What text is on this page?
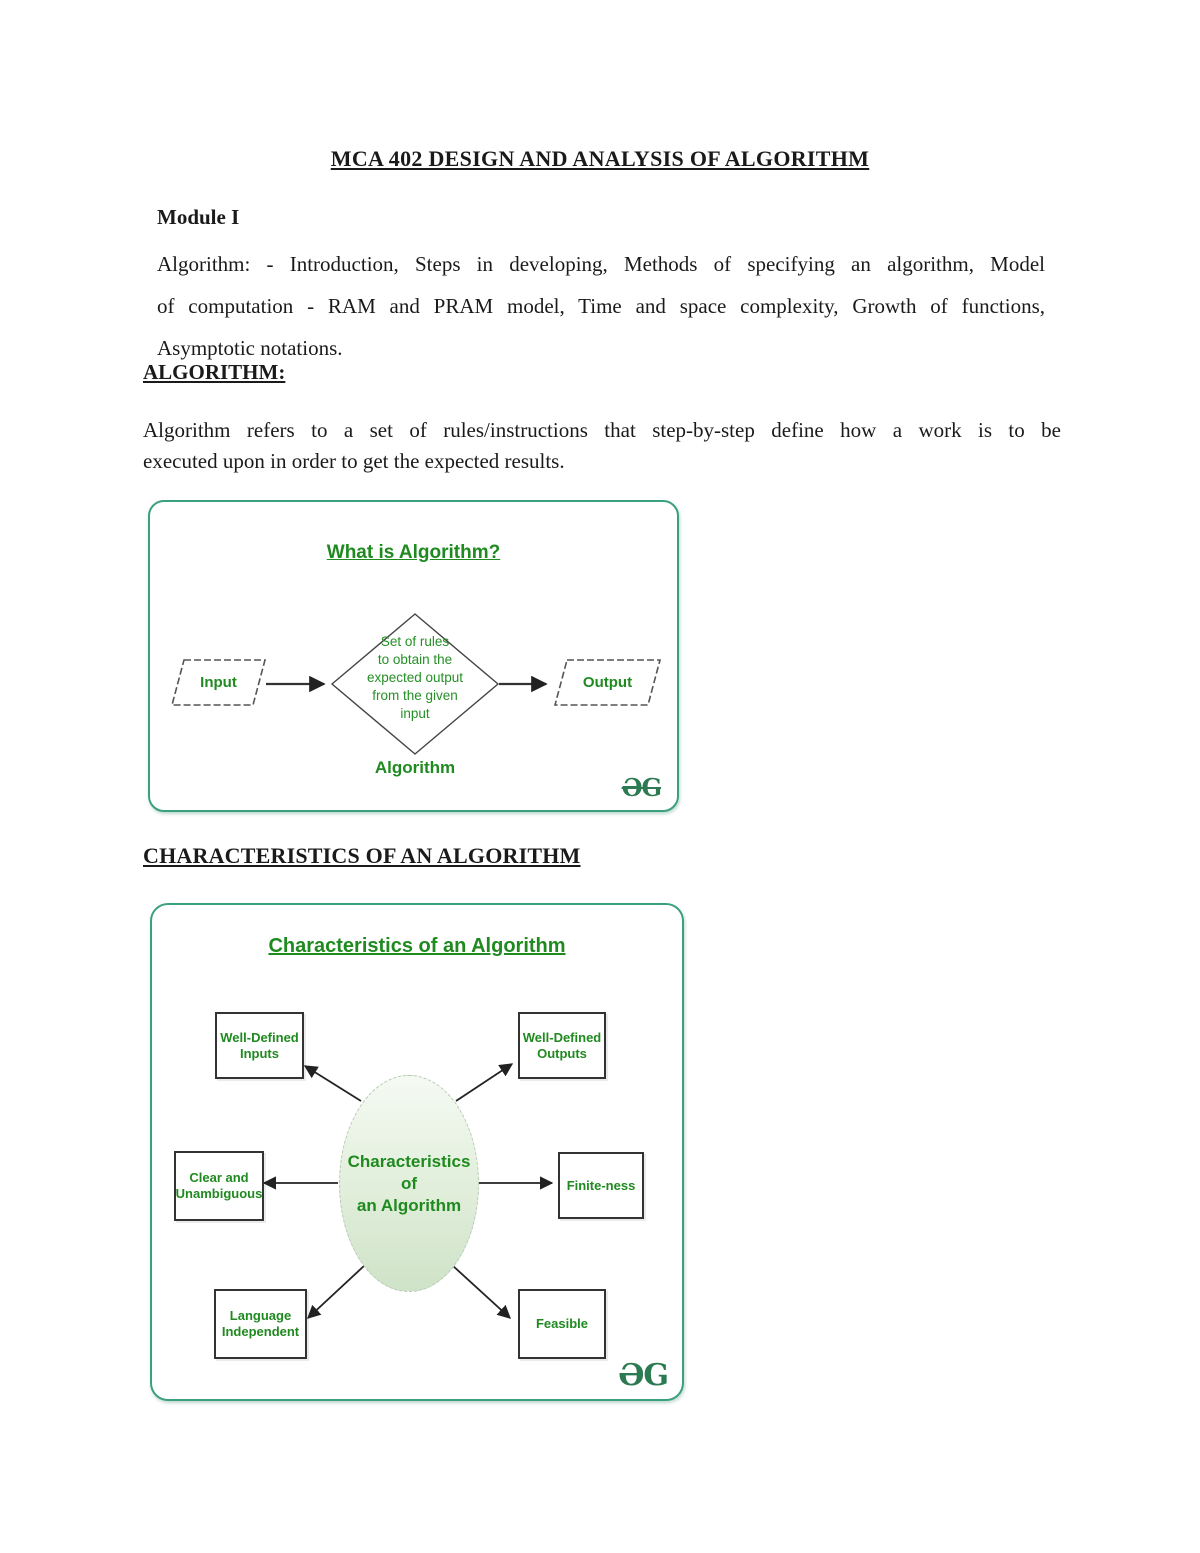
MCA 402 DESIGN AND ANALYSIS OF ALGORITHM
Module I
Algorithm: - Introduction, Steps in developing, Methods of specifying an algorithm, Model
of computation - RAM and PRAM model, Time and space complexity, Growth of functions,
Asymptotic notations.
ALGORITHM:
Algorithm refers to a set of rules/instructions that step-by-step define how a work is to be
executed upon in order to get the expected results.
What is Algorithm?
Input	Output
Set of rules
to obtain the
expected output
from the given
input
Algorithm
ƏG
CHARACTERISTICS OF AN ALGORITHM
Characteristics of an Algorithm
Characteristics of
an Algorithm
Well-Defined
Inputs
Well-Defined
Outputs
Clear and
Unambiguous
Finite-ness
Language
Independent
Feasible
ƏG
